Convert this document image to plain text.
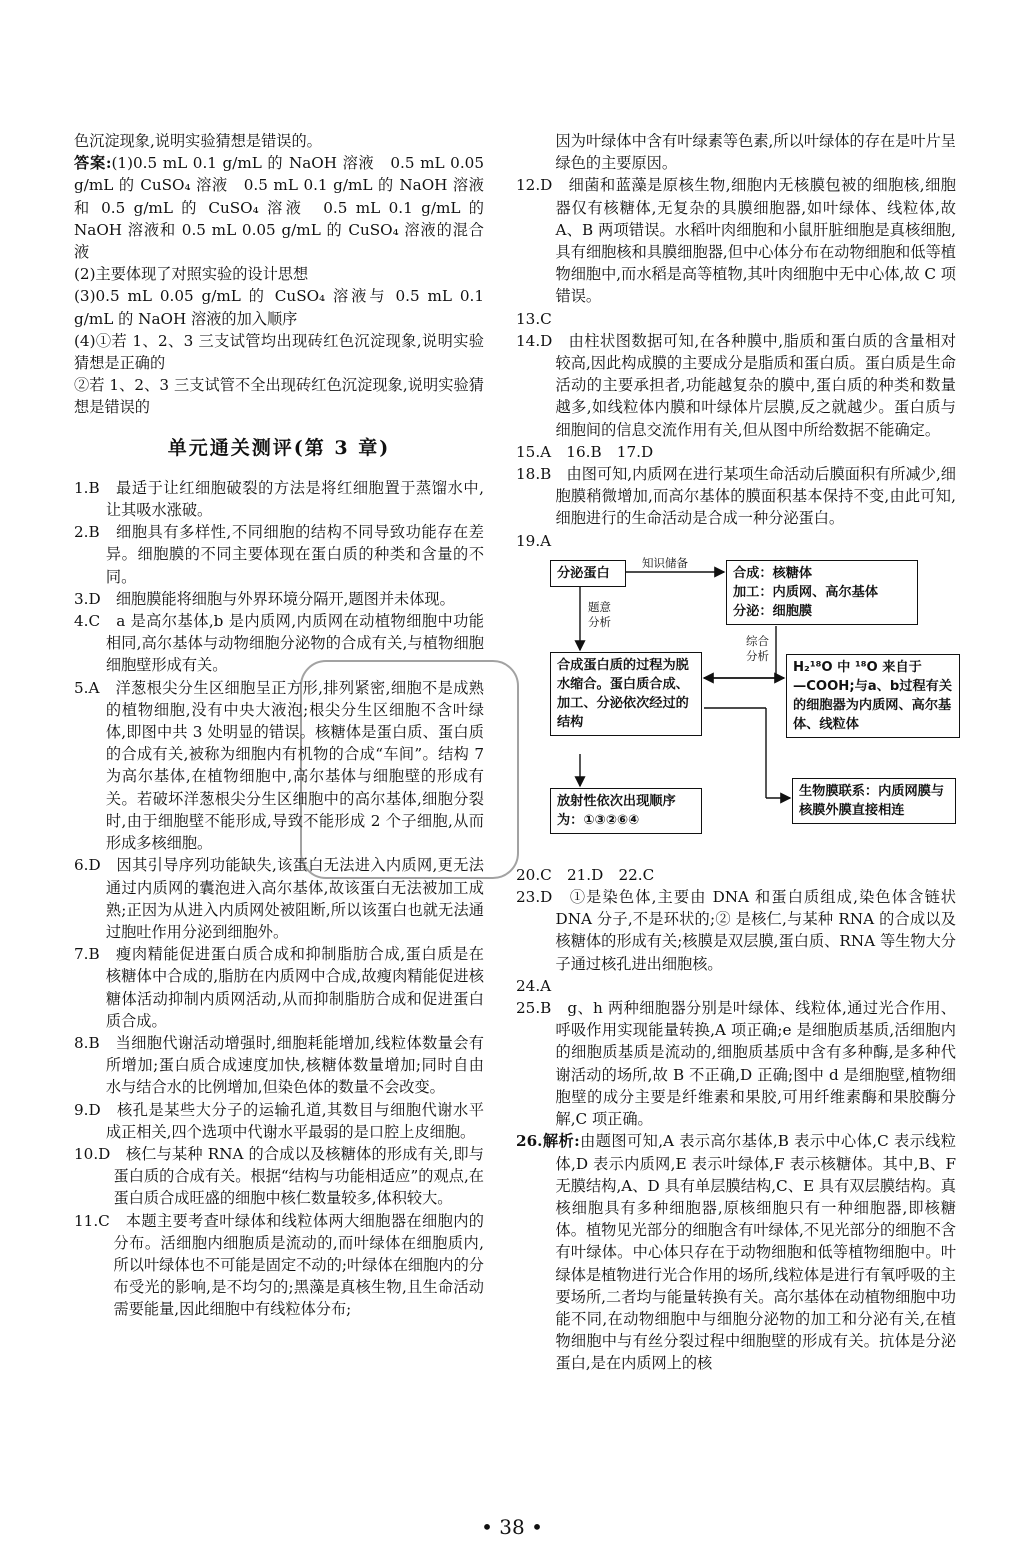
色沉淀现象,说明实验猜想是错误的。

答案:(1)0.5 mL 0.1 g/mL 的 NaOH 溶液　0.5 mL 0.05 g/mL 的 CuSO₄ 溶液　0.5 mL 0.1 g/mL 的 NaOH 溶液和 0.5 g/mL 的 CuSO₄ 溶液　0.5 mL 0.1 g/mL 的 NaOH 溶液和 0.5 mL 0.05 g/mL 的 CuSO₄ 溶液的混合液

(2)主要体现了对照实验的设计思想

(3)0.5 mL 0.05 g/mL 的 CuSO₄ 溶液与 0.5 mL 0.1 g/mL 的 NaOH 溶液的加入顺序

(4)①若 1、2、3 三支试管均出现砖红色沉淀现象,说明实验猜想是正确的

②若 1、2、3 三支试管不全出现砖红色沉淀现象,说明实验猜想是错误的

单元通关测评(第 3 章)

1.B　最适于让红细胞破裂的方法是将红细胞置于蒸馏水中,让其吸水涨破。

2.B　细胞具有多样性,不同细胞的结构不同导致功能存在差异。细胞膜的不同主要体现在蛋白质的种类和含量的不同。

3.D　细胞膜能将细胞与外界环境分隔开,题图并未体现。

4.C　a 是高尔基体,b 是内质网,内质网在动植物细胞中功能相同,高尔基体与动物细胞分泌物的合成有关,与植物细胞细胞壁形成有关。

5.A　洋葱根尖分生区细胞呈正方形,排列紧密,细胞不是成熟的植物细胞,没有中央大液泡;根尖分生区细胞不含叶绿体,即图中共 3 处明显的错误。核糖体是蛋白质、蛋白质的合成有关,被称为细胞内有机物的合成“车间”。结构 7 为高尔基体,在植物细胞中,高尔基体与细胞壁的形成有关。若破坏洋葱根尖分生区细胞中的高尔基体,细胞分裂时,由于细胞壁不能形成,导致不能形成 2 个子细胞,从而形成多核细胞。

6.D　因其引导序列功能缺失,该蛋白无法进入内质网,更无法通过内质网的囊泡进入高尔基体,故该蛋白无法被加工成熟;正因为从进入内质网处被阻断,所以该蛋白也就无法通过胞吐作用分泌到细胞外。

7.B　瘦肉精能促进蛋白质合成和抑制脂肪合成,蛋白质是在核糖体中合成的,脂肪在内质网中合成,故瘦肉精能促进核糖体活动抑制内质网活动,从而抑制脂肪合成和促进蛋白质合成。

8.B　当细胞代谢活动增强时,细胞耗能增加,线粒体数量会有所增加;蛋白质合成速度加快,核糖体数量增加;同时自由水与结合水的比例增加,但染色体的数量不会改变。

9.D　核孔是某些大分子的运输孔道,其数目与细胞代谢水平成正相关,四个选项中代谢水平最弱的是口腔上皮细胞。

10.D　核仁与某种 RNA 的合成以及核糖体的形成有关,即与蛋白质的合成有关。根据“结构与功能相适应”的观点,在蛋白质合成旺盛的细胞中核仁数量较多,体积较大。

11.C　本题主要考查叶绿体和线粒体两大细胞器在细胞内的分布。活细胞内细胞质是流动的,而叶绿体在细胞质内,所以叶绿体也不可能是固定不动的;叶绿体在细胞内的分布受光的影响,是不均匀的;黑藻是真核生物,且生命活动需要能量,因此细胞中有线粒体分布;

因为叶绿体中含有叶绿素等色素,所以叶绿体的存在是叶片呈绿色的主要原因。

12.D　细菌和蓝藻是原核生物,细胞内无核膜包被的细胞核,细胞器仅有核糖体,无复杂的具膜细胞器,如叶绿体、线粒体,故 A、B 两项错误。水稻叶肉细胞和小鼠肝脏细胞是真核细胞,具有细胞核和具膜细胞器,但中心体分布在动物细胞和低等植物细胞中,而水稻是高等植物,其叶肉细胞中无中心体,故 C 项错误。

13.C

14.D　由柱状图数据可知,在各种膜中,脂质和蛋白质的含量相对较高,因此构成膜的主要成分是脂质和蛋白质。蛋白质是生命活动的主要承担者,功能越复杂的膜中,蛋白质的种类和数量越多,如线粒体内膜和叶绿体片层膜,反之就越少。蛋白质与细胞间的信息交流作用有关,但从图中所给数据不能确定。

15.A　16.B　17.D

18.B　由图可知,内质网在进行某项生命活动后膜面积有所减少,细胞膜稍微增加,而高尔基体的膜面积基本保持不变,由此可知,细胞进行的生命活动是合成一种分泌蛋白。

19.A

分泌蛋白
知识储备
合成：核糖体
加工：内质网、高尔基体
分泌：细胞膜
题意
分析
综合
分析
合成蛋白质的过程为脱水缩合。蛋白质合成、加工、分泌依次经过的结构
H₂¹⁸O 中 ¹⁸O 来自于
—COOH;与a、b过程有关的细胞器为内质网、高尔基体、线粒体
放射性依次出现顺序为：①③②⑥④
生物膜联系：内质网膜与核膜外膜直接相连

20.C　21.D　22.C

23.D　①是染色体,主要由 DNA 和蛋白质组成,染色体含链状 DNA 分子,不是环状的;② 是核仁,与某种 RNA 的合成以及核糖体的形成有关;核膜是双层膜,蛋白质、RNA 等生物大分子通过核孔进出细胞核。

24.A

25.B　g、h 两种细胞器分别是叶绿体、线粒体,通过光合作用、呼吸作用实现能量转换,A 项正确;e 是细胞质基质,活细胞内的细胞质基质是流动的,细胞质基质中含有多种酶,是多种代谢活动的场所,故 B 不正确,D 正确;图中 d 是细胞壁,植物细胞壁的成分主要是纤维素和果胶,可用纤维素酶和果胶酶分解,C 项正确。

26.解析:由题图可知,A 表示高尔基体,B 表示中心体,C 表示线粒体,D 表示内质网,E 表示叶绿体,F 表示核糖体。其中,B、F 无膜结构,A、D 具有单层膜结构,C、E 具有双层膜结构。真核细胞具有多种细胞器,原核细胞只有一种细胞器,即核糖体。植物见光部分的细胞含有叶绿体,不见光部分的细胞不含有叶绿体。中心体只存在于动物细胞和低等植物细胞中。叶绿体是植物进行光合作用的场所,线粒体是进行有氧呼吸的主要场所,二者均与能量转换有关。高尔基体在动植物细胞中功能不同,在动物细胞中与细胞分泌物的加工和分泌有关,在植物细胞中与有丝分裂过程中细胞壁的形成有关。抗体是分泌蛋白,是在内质网上的核

• 38 •
